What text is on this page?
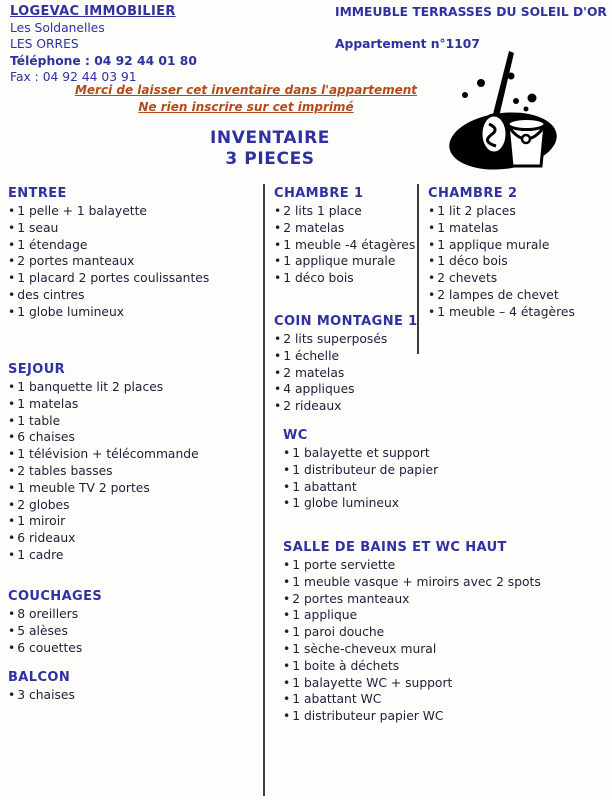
LOGEVAC IMMOBILIER
Les Soldanelles
LES ORRES
Téléphone : 04 92 44 01 80
Fax : 04 92 44 03 91
IMMEUBLE TERRASSES DU SOLEIL D'OR
Appartement n°1107
Merci de laisser cet inventaire dans l'appartement
Ne rien inscrire sur cet imprimé
INVENTAIRE
3 PIECES
ENTREE
• 1 pelle + 1 balayette
• 1 seau
• 1 étendage
• 2 portes manteaux
• 1 placard 2 portes coulissantes
• des cintres
• 1 globe lumineux
SEJOUR
• 1 banquette lit 2 places
• 1 matelas
• 1 table
• 6 chaises
• 1 télévision + télécommande
• 2 tables basses
• 1 meuble TV 2 portes
• 2 globes
• 1 miroir
• 6 rideaux
• 1 cadre
COUCHAGES
• 8 oreillers
• 5 alèses
• 6 couettes
BALCON
• 3 chaises
CHAMBRE 1
• 2 lits 1 place
• 2 matelas
• 1 meuble -4 étagères
• 1 applique murale
• 1 déco bois
COIN MONTAGNE 1
• 2 lits superposés
• 1 échelle
• 2 matelas
• 4 appliques
• 2 rideaux
WC
• 1 balayette et support
• 1 distributeur de papier
• 1 abattant
• 1 globe lumineux
SALLE DE BAINS ET WC HAUT
• 1 porte serviette
• 1 meuble vasque + miroirs avec 2 spots
• 2 portes manteaux
• 1 applique
• 1 paroi douche
• 1 sèche-cheveux mural
• 1 boite à déchets
• 1 balayette WC + support
• 1 abattant WC
• 1 distributeur papier WC
CHAMBRE 2
• 1 lit 2 places
• 1 matelas
• 1 applique murale
• 1 déco bois
• 2 chevets
• 2 lampes de chevet
• 1 meuble – 4 étagères
